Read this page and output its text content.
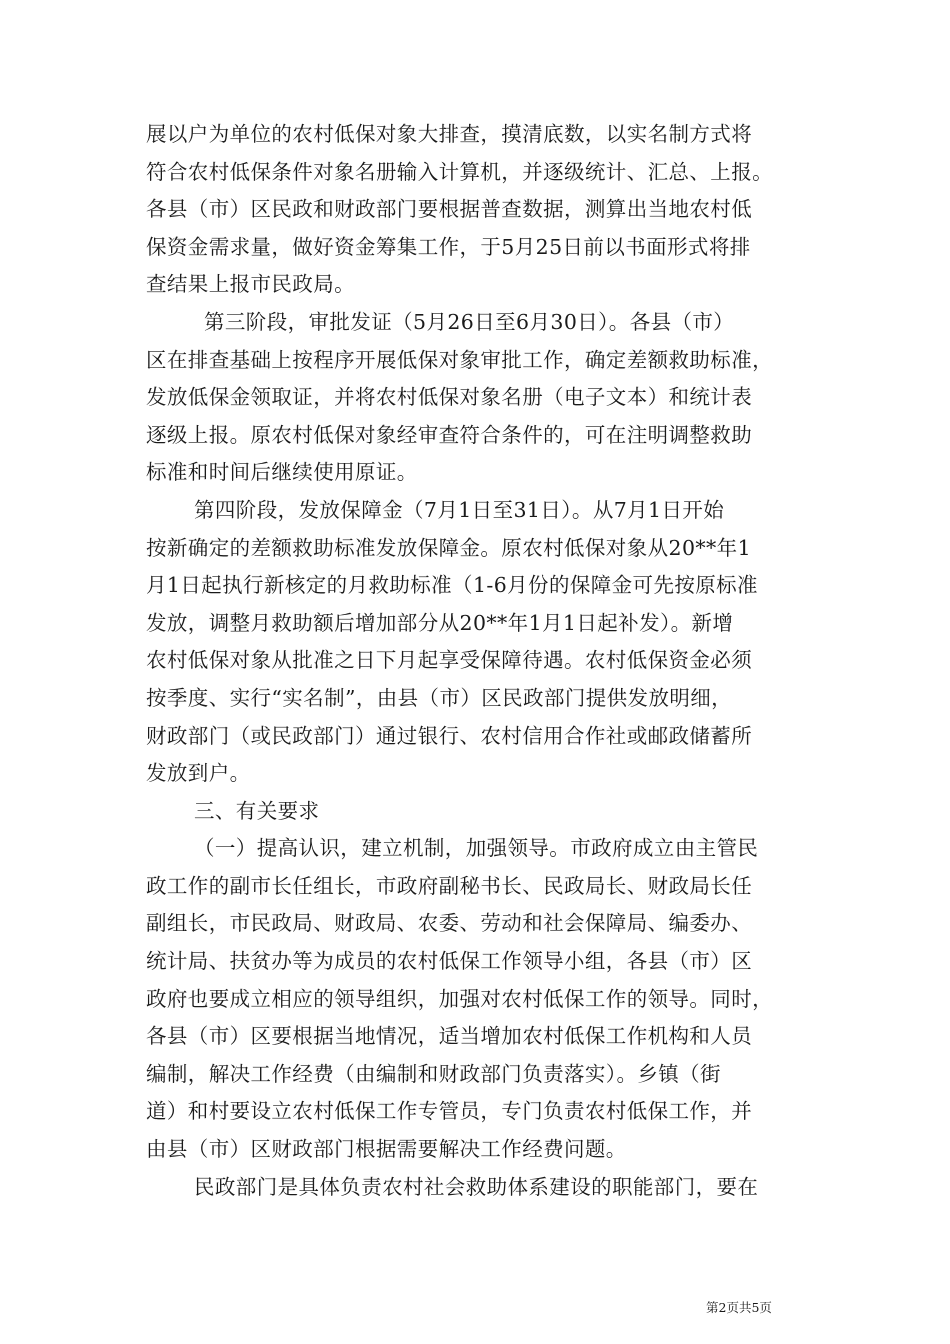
展以户为单位的农村低保对象大排查，摸清底数，以实名制方式将
符合农村低保条件对象名册输入计算机，并逐级统计、汇总、上报。
各县（市）区民政和财政部门要根据普查数据，测算出当地农村低
保资金需求量，做好资金筹集工作，于5月25日前以书面形式将排
查结果上报市民政局。
第三阶段，审批发证（5月26日至6月30日）。各县（市）
区在排查基础上按程序开展低保对象审批工作，确定差额救助标准，
发放低保金领取证，并将农村低保对象名册（电子文本）和统计表
逐级上报。原农村低保对象经审查符合条件的，可在注明调整救助
标准和时间后继续使用原证。
第四阶段，发放保障金（7月1日至31日）。从7月1日开始
按新确定的差额救助标准发放保障金。原农村低保对象从20**年1
月1日起执行新核定的月救助标准（1-6月份的保障金可先按原标准
发放，调整月救助额后增加部分从20**年1月1日起补发）。新增
农村低保对象从批准之日下月起享受保障待遇。农村低保资金必须
按季度、实行“实名制”，由县（市）区民政部门提供发放明细，
财政部门（或民政部门）通过银行、农村信用合作社或邮政储蓄所
发放到户。
三、有关要求
（一）提高认识，建立机制，加强领导。市政府成立由主管民
政工作的副市长任组长，市政府副秘书长、民政局长、财政局长任
副组长，市民政局、财政局、农委、劳动和社会保障局、编委办、
统计局、扶贫办等为成员的农村低保工作领导小组，各县（市）区
政府也要成立相应的领导组织，加强对农村低保工作的领导。同时，
各县（市）区要根据当地情况，适当增加农村低保工作机构和人员
编制，解决工作经费（由编制和财政部门负责落实）。乡镇（街
道）和村要设立农村低保工作专管员，专门负责农村低保工作，并
由县（市）区财政部门根据需要解决工作经费问题。
民政部门是具体负责农村社会救助体系建设的职能部门，要在
第2页共5页
